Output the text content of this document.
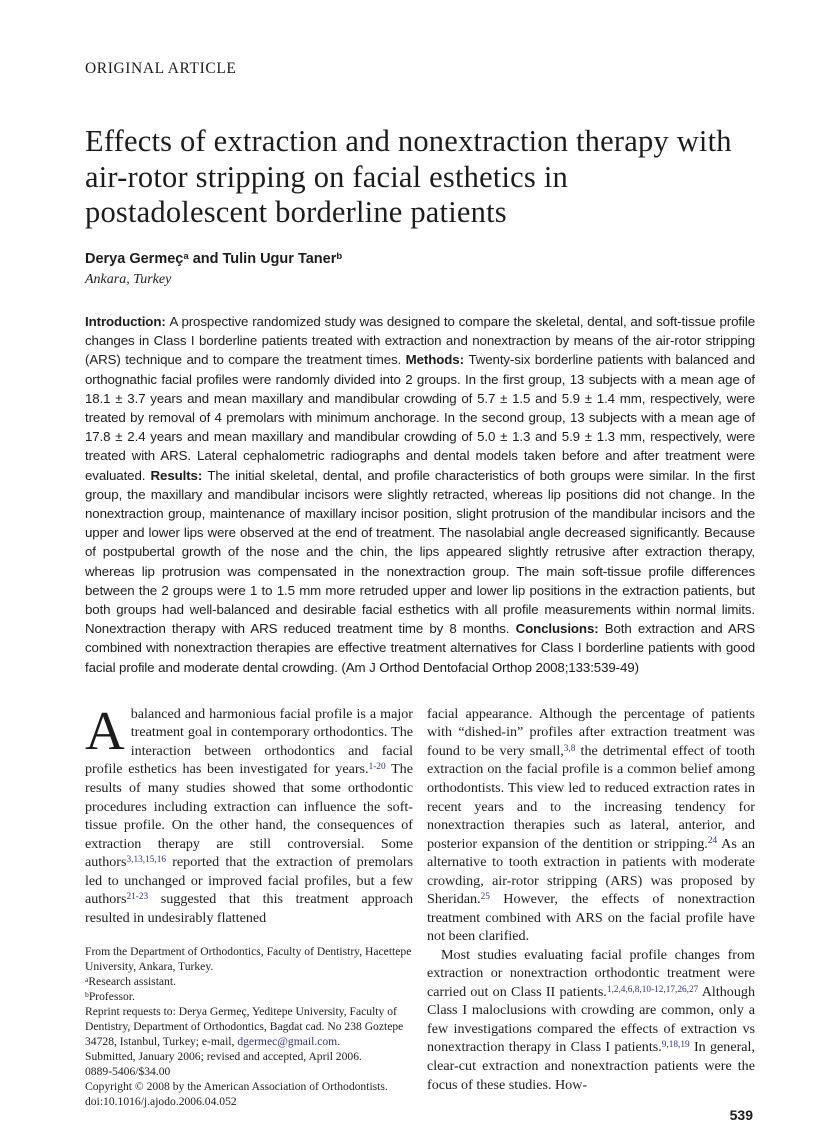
ORIGINAL ARTICLE
Effects of extraction and nonextraction therapy with air-rotor stripping on facial esthetics in postadolescent borderline patients
Derya Germeç$^a$ and Tulin Ugur Taner$^b$
Ankara, Turkey

Introduction: A prospective randomized study was designed to compare the skeletal, dental, and soft-tissue profile changes in Class I borderline patients treated with extraction and nonextraction by means of the air-rotor stripping (ARS) technique and to compare the treatment times. Methods: Twenty-six borderline patients with balanced and orthognathic facial profiles were randomly divided into 2 groups. In the first group, 13 subjects with a mean age of 18.1 ± 3.7 years and mean maxillary and mandibular crowding of 5.7 ± 1.5 and 5.9 ± 1.4 mm, respectively, were treated by removal of 4 premolars with minimum anchorage. In the second group, 13 subjects with a mean age of 17.8 ± 2.4 years and mean maxillary and mandibular crowding of 5.0 ± 1.3 and 5.9 ± 1.3 mm, respectively, were treated with ARS. Lateral cephalometric radiographs and dental models taken before and after treatment were evaluated. Results: The initial skeletal, dental, and profile characteristics of both groups were similar. In the first group, the maxillary and mandibular incisors were slightly retracted, whereas lip positions did not change. In the nonextraction group, maintenance of maxillary incisor position, slight protrusion of the mandibular incisors and the upper and lower lips were observed at the end of treatment. The nasolabial angle decreased significantly. Because of postpubertal growth of the nose and the chin, the lips appeared slightly retrusive after extraction therapy, whereas lip protrusion was compensated in the nonextraction group. The main soft-tissue profile differences between the 2 groups were 1 to 1.5 mm more retruded upper and lower lip positions in the extraction patients, but both groups had well-balanced and desirable facial esthetics with all profile measurements within normal limits. Nonextraction therapy with ARS reduced treatment time by 8 months. Conclusions: Both extraction and ARS combined with nonextraction therapies are effective treatment alternatives for Class I borderline patients with good facial profile and moderate dental crowding. (Am J Orthod Dentofacial Orthop 2008;133:539-49)

Abalanced and harmonious facial profile is a major treatment goal in contemporary orthodontics. The interaction between orthodontics and facial profile esthetics has been investigated for years.$^{1-20}$ The results of many studies showed that some orthodontic procedures including extraction can influence the soft-tissue profile. On the other hand, the consequences of extraction therapy are still controversial. Some authors$^{3,13,15,16}$ reported that the extraction of premolars led to unchanged or improved facial profiles, but a few authors$^{21-23}$ suggested that this treatment approach resulted in undesirably flattened

From the Department of Orthodontics, Faculty of Dentistry, Hacettepe University, Ankara, Turkey.
$^a$Research assistant.
$^b$Professor.
Reprint requests to: Derya Germeç, Yeditepe University, Faculty of Dentistry, Department of Orthodontics, Bagdat cad. No 238 Goztepe 34728, Istanbul, Turkey; e-mail, dgermec@gmail.com.
Submitted, January 2006; revised and accepted, April 2006.
0889-5406/$34.00
Copyright © 2008 by the American Association of Orthodontists.
doi:10.1016/j.ajodo.2006.04.052

facial appearance. Although the percentage of patients with “dished-in” profiles after extraction treatment was found to be very small,$^{3,8}$ the detrimental effect of tooth extraction on the facial profile is a common belief among orthodontists. This view led to reduced extraction rates in recent years and to the increasing tendency for nonextraction therapies such as lateral, anterior, and posterior expansion of the dentition or stripping.$^{24}$ As an alternative to tooth extraction in patients with moderate crowding, air-rotor stripping (ARS) was proposed by Sheridan.$^{25}$ However, the effects of nonextraction treatment combined with ARS on the facial profile have not been clarified.

Most studies evaluating facial profile changes from extraction or nonextraction orthodontic treatment were carried out on Class II patients.$^{1,2,4,6,8,10-12,17,26,27}$ Although Class I maloclusions with crowding are common, only a few investigations compared the effects of extraction vs nonextraction therapy in Class I patients.$^{9,18,19}$ In general, clear-cut extraction and nonextraction patients were the focus of these studies. How-

539
